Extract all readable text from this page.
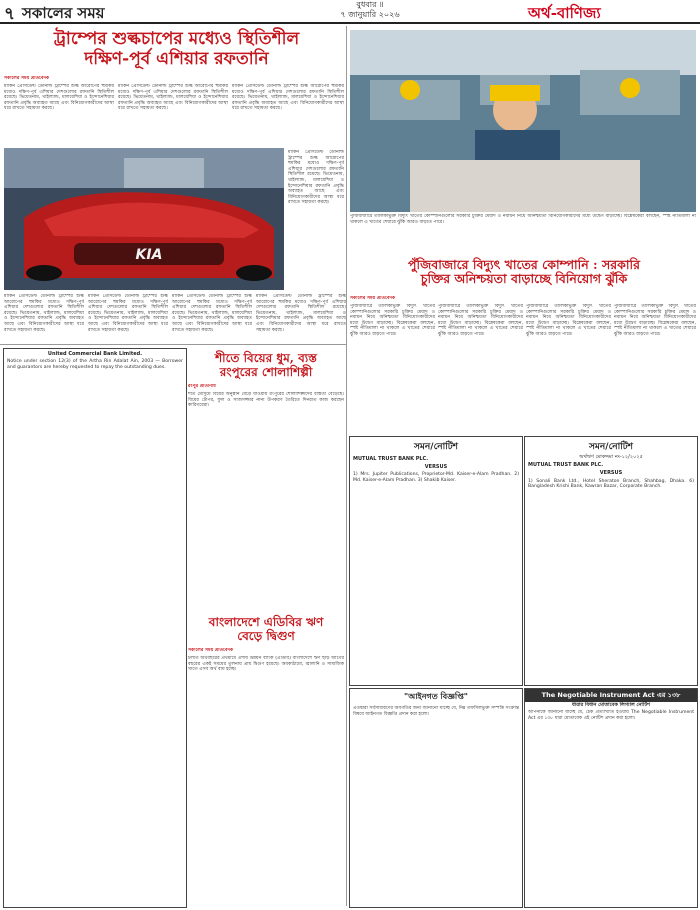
৭ সকালের সময়	বুধবার ॥
৭ জানুয়ারি ২০২৬	অর্থ-বাণিজ্য
ট্রাম্পের শুল্কচাপের মধ্যেও স্থিতিশীল
দক্ষিণ-পূর্ব এশিয়ার রফতানি
সকালের সময় প্রতিবেদক
মার্কিন প্রেসিডেন্ট ডোনাল্ড ট্রাম্পের শুল্ক আরোপের হুমকির মধ্যেও দক্ষিণ-পূর্ব এশিয়ার দেশগুলোর রফতানি স্থিতিশীল রয়েছে। ভিয়েতনাম, থাইল্যান্ড, মালয়েশিয়া ও ইন্দোনেশিয়ার রফতানি প্রবৃদ্ধি অব্যাহত আছে এবং বিনিয়োগকারীদের আস্থা ধরে রাখতে সহায়তা করছে।
মার্কিন প্রেসিডেন্ট ডোনাল্ড ট্রাম্পের শুল্ক আরোপের হুমকির মধ্যেও দক্ষিণ-পূর্ব এশিয়ার দেশগুলোর রফতানি স্থিতিশীল রয়েছে। ভিয়েতনাম, থাইল্যান্ড, মালয়েশিয়া ও ইন্দোনেশিয়ার রফতানি প্রবৃদ্ধি অব্যাহত আছে এবং বিনিয়োগকারীদের আস্থা ধরে রাখতে সহায়তা করছে।
মার্কিন প্রেসিডেন্ট ডোনাল্ড ট্রাম্পের শুল্ক আরোপের হুমকির মধ্যেও দক্ষিণ-পূর্ব এশিয়ার দেশগুলোর রফতানি স্থিতিশীল রয়েছে। ভিয়েতনাম, থাইল্যান্ড, মালয়েশিয়া ও ইন্দোনেশিয়ার রফতানি প্রবৃদ্ধি অব্যাহত আছে এবং বিনিয়োগকারীদের আস্থা ধরে রাখতে সহায়তা করছে।
মার্কিন প্রেসিডেন্ট ডোনাল্ড ট্রাম্পের শুল্ক আরোপের হুমকির মধ্যেও দক্ষিণ-পূর্ব এশিয়ার দেশগুলোর রফতানি স্থিতিশীল রয়েছে। ভিয়েতনাম, থাইল্যান্ড, মালয়েশিয়া ও ইন্দোনেশিয়ার রফতানি প্রবৃদ্ধি অব্যাহত আছে এবং বিনিয়োগকারীদের আস্থা ধরে রাখতে সহায়তা করছে।
KIA
মার্কিন প্রেসিডেন্ট ডোনাল্ড ট্রাম্পের শুল্ক আরোপের হুমকির মধ্যেও দক্ষিণ-পূর্ব এশিয়ার দেশগুলোর রফতানি স্থিতিশীল রয়েছে। ভিয়েতনাম, থাইল্যান্ড, মালয়েশিয়া ও ইন্দোনেশিয়ার রফতানি প্রবৃদ্ধি অব্যাহত আছে এবং বিনিয়োগকারীদের আস্থা ধরে রাখতে সহায়তা করছে।
মার্কিন প্রেসিডেন্ট ডোনাল্ড ট্রাম্পের শুল্ক আরোপের হুমকির মধ্যেও দক্ষিণ-পূর্ব এশিয়ার দেশগুলোর রফতানি স্থিতিশীল রয়েছে। ভিয়েতনাম, থাইল্যান্ড, মালয়েশিয়া ও ইন্দোনেশিয়ার রফতানি প্রবৃদ্ধি অব্যাহত আছে এবং বিনিয়োগকারীদের আস্থা ধরে রাখতে সহায়তা করছে।
মার্কিন প্রেসিডেন্ট ডোনাল্ড ট্রাম্পের শুল্ক আরোপের হুমকির মধ্যেও দক্ষিণ-পূর্ব এশিয়ার দেশগুলোর রফতানি স্থিতিশীল রয়েছে। ভিয়েতনাম, থাইল্যান্ড, মালয়েশিয়া ও ইন্দোনেশিয়ার রফতানি প্রবৃদ্ধি অব্যাহত আছে এবং বিনিয়োগকারীদের আস্থা ধরে রাখতে সহায়তা করছে।
মার্কিন প্রেসিডেন্ট ডোনাল্ড ট্রাম্পের শুল্ক আরোপের হুমকির মধ্যেও দক্ষিণ-পূর্ব এশিয়ার দেশগুলোর রফতানি স্থিতিশীল রয়েছে। ভিয়েতনাম, থাইল্যান্ড, মালয়েশিয়া ও ইন্দোনেশিয়ার রফতানি প্রবৃদ্ধি অব্যাহত আছে এবং বিনিয়োগকারীদের আস্থা ধরে রাখতে সহায়তা করছে।
পুঁজিবাজারে তালিকাভুক্ত বিদ্যুৎ খাতের কোম্পানিগুলোর সরকারি চুক্তির মেয়াদ ও নবায়ন নিয়ে অনিশ্চয়তা বিনিয়োগকারীদের মধ্যে উদ্বেগ বাড়াচ্ছে। বিশ্লেষকেরা বলছেন, স্পষ্ট নীতিমালা না থাকলে এ খাতের শেয়ারে ঝুঁকি আরও বাড়তে পারে।
পুঁজিবাজারে বিদ্যুৎ খাতের কোম্পানি : সরকারি
চুক্তির অনিশ্চয়তা বাড়াচ্ছে বিনিয়োগ ঝুঁকি
সকালের সময় প্রতিবেদক
পুঁজিবাজারে তালিকাভুক্ত বিদ্যুৎ খাতের কোম্পানিগুলোর সরকারি চুক্তির মেয়াদ ও নবায়ন নিয়ে অনিশ্চয়তা বিনিয়োগকারীদের মধ্যে উদ্বেগ বাড়াচ্ছে। বিশ্লেষকেরা বলছেন, স্পষ্ট নীতিমালা না থাকলে এ খাতের শেয়ারে ঝুঁকি আরও বাড়তে পারে।
পুঁজিবাজারে তালিকাভুক্ত বিদ্যুৎ খাতের কোম্পানিগুলোর সরকারি চুক্তির মেয়াদ ও নবায়ন নিয়ে অনিশ্চয়তা বিনিয়োগকারীদের মধ্যে উদ্বেগ বাড়াচ্ছে। বিশ্লেষকেরা বলছেন, স্পষ্ট নীতিমালা না থাকলে এ খাতের শেয়ারে ঝুঁকি আরও বাড়তে পারে।
পুঁজিবাজারে তালিকাভুক্ত বিদ্যুৎ খাতের কোম্পানিগুলোর সরকারি চুক্তির মেয়াদ ও নবায়ন নিয়ে অনিশ্চয়তা বিনিয়োগকারীদের মধ্যে উদ্বেগ বাড়াচ্ছে। বিশ্লেষকেরা বলছেন, স্পষ্ট নীতিমালা না থাকলে এ খাতের শেয়ারে ঝুঁকি আরও বাড়তে পারে।
পুঁজিবাজারে তালিকাভুক্ত বিদ্যুৎ খাতের কোম্পানিগুলোর সরকারি চুক্তির মেয়াদ ও নবায়ন নিয়ে অনিশ্চয়তা বিনিয়োগকারীদের মধ্যে উদ্বেগ বাড়াচ্ছে। বিশ্লেষকেরা বলছেন, স্পষ্ট নীতিমালা না থাকলে এ খাতের শেয়ারে ঝুঁকি আরও বাড়তে পারে।
United Commercial Bank Limited.
Notice under section 12(3) of the Artha Rin Adalat Ain, 2003 — Borrower and guarantors are hereby requested to repay the outstanding dues.
শীতে বিয়ের ধুম, ব্যস্ত
রংপুরের শোলাশিল্পী
রংপুর প্রতিনিধি
শীত মৌসুমে বিয়ের অনুষ্ঠান বেড়ে যাওয়ায় রংপুরের শোলাশিল্পীদের ব্যস্ততা বেড়েছে। বিয়ের টোপর, ফুল ও সাজসজ্জার নানা উপকরণ তৈরিতে দিনরাত কাজ করছেন কারিগরেরা।
বাংলাদেশে এডিবির ঋণ
বেড়ে দ্বিগুণ
সকালের সময় প্রতিবেদক
চলতি অর্থবছরের প্রথমার্ধে এশীয় উন্নয়ন ব্যাংক (এডিবি) বাংলাদেশে ঋণ ছাড় আগের বছরের একই সময়ের তুলনায় প্রায় দ্বিগুণ হয়েছে। অবকাঠামো, জ্বালানি ও সামাজিক খাতে এসব অর্থ ব্যয় হচ্ছে।
সমন/নোটিশ
MUTUAL TRUST BANK PLC.
VERSUS
1) Mrs. Jupiter Publications, Proprietor-Md. Kaiser-e-Alam Pradhan. 2) Md. Kaiser-e-Alam Pradhan. 3) Shakib Kaiser.
সমন/নোটিশ
অর্থঋণ মোকদ্দমা নং-১২/২০২৫
MUTUAL TRUST BANK PLC.
VERSUS
1) Sonali Bank Ltd., Hotel Sheraton Branch, Shahbag, Dhaka. 6) Bangladesh Krishi Bank, Kawran Bazar, Corporate Branch.
"আইনগত বিজ্ঞপ্তি"
এতদ্বারা সর্বসাধারণের অবগতির জন্য জানানো যাচ্ছে যে, নিম্ন তফসিলভুক্ত সম্পত্তি সংক্রান্ত বিষয়ে আইনগত বিজ্ঞপ্তি প্রদান করা হলো।
The Negotiable Instrument Act এর ১৩৮
ধারার বিধান মোতাবেক লিগ্যাল নোটিশ
আপনাকে জানানো যাচ্ছে যে, চেক প্রত্যাখ্যাত হওয়ায় The Negotiable Instrument Act এর ১৩৮ ধারা মোতাবেক এই নোটিশ প্রদান করা হলো।
